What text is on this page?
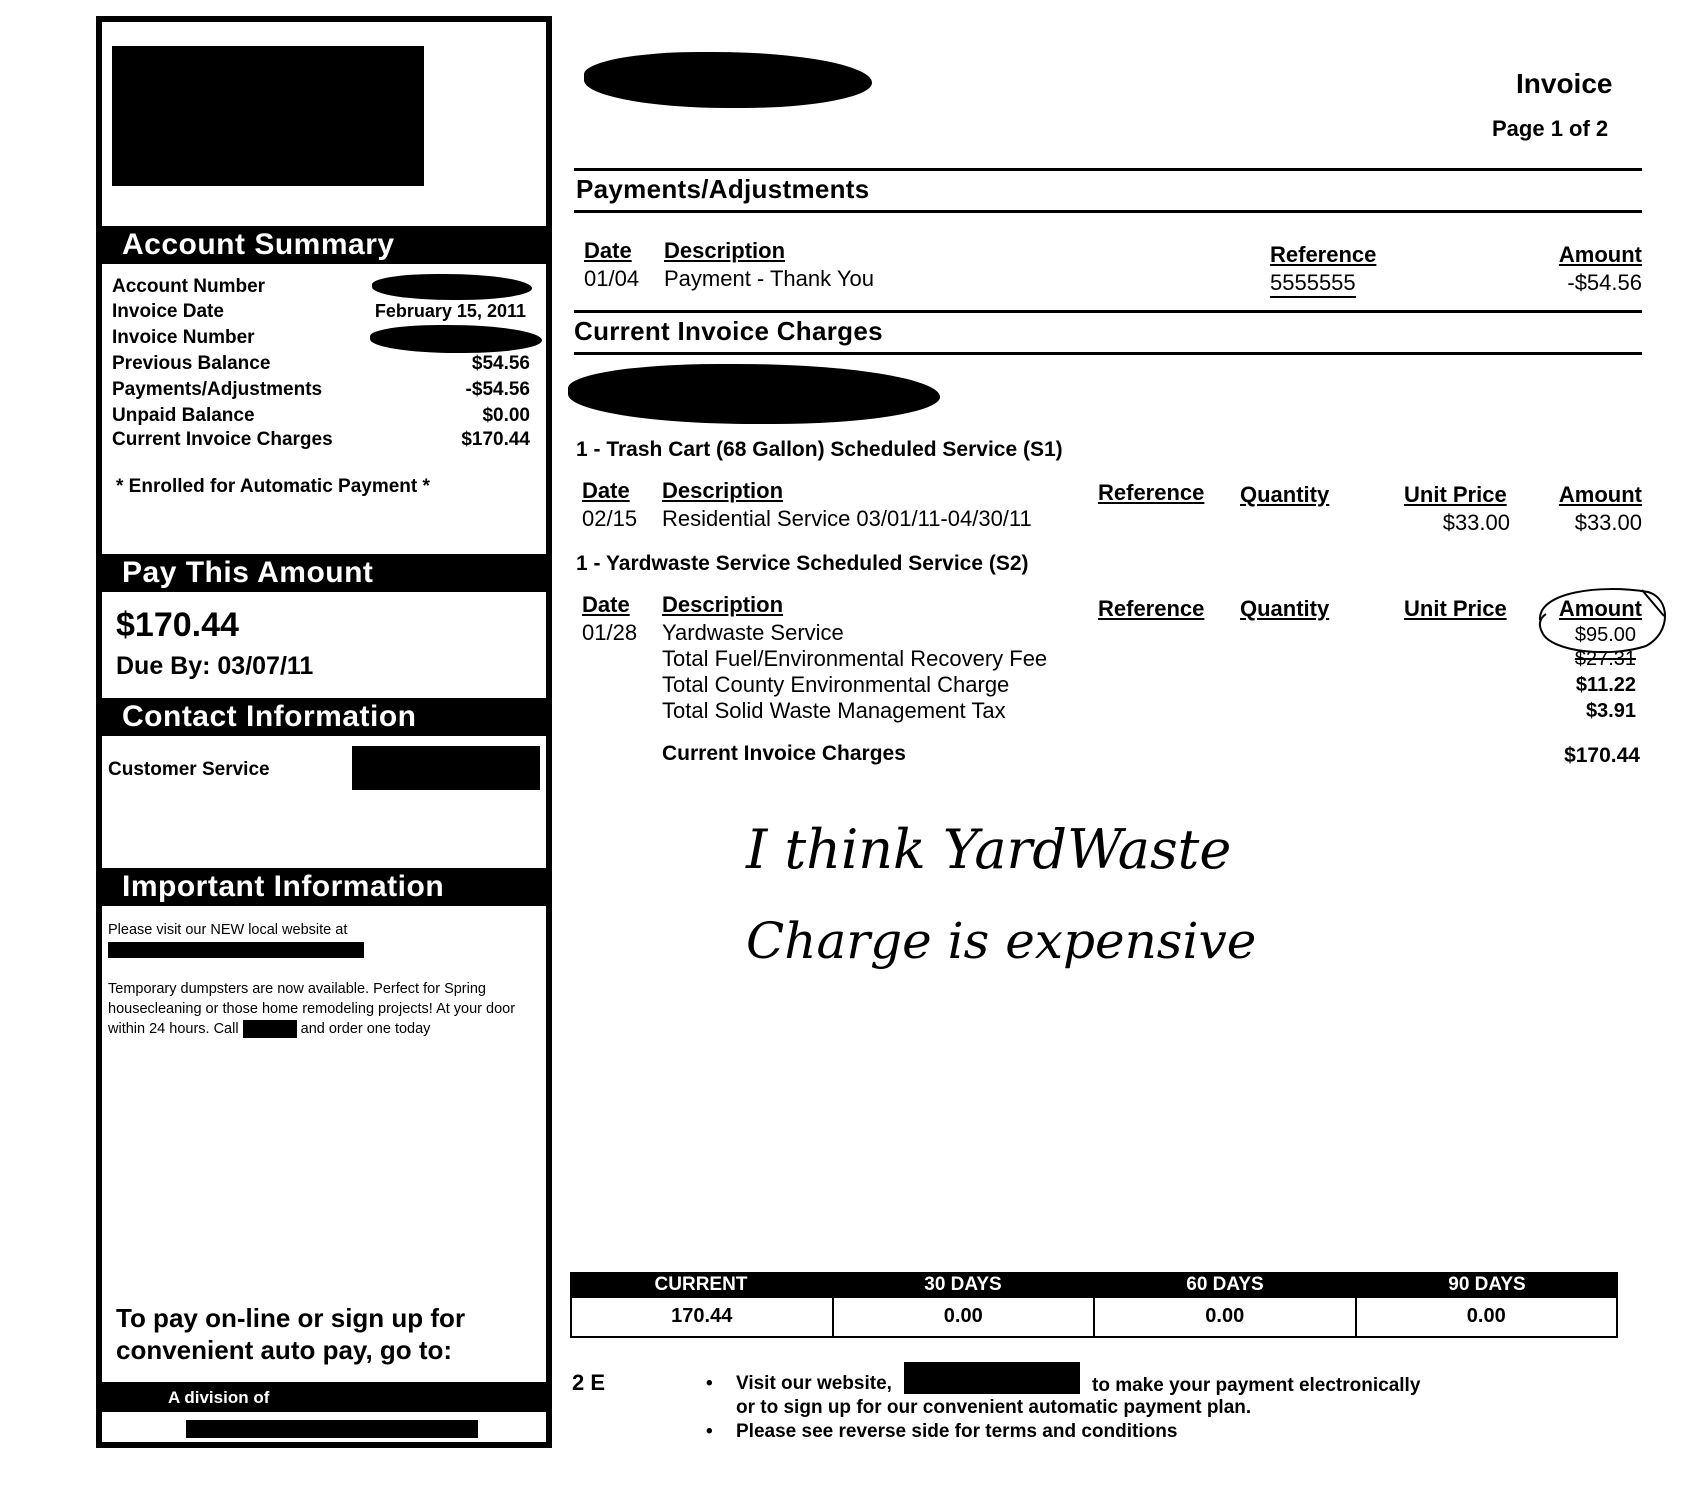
Account Summary
Account Number
Invoice Date	February 15, 2011
Invoice Number
Previous Balance	$54.56
Payments/Adjustments	-$54.56
Unpaid Balance	$0.00
Current Invoice Charges	$170.44
* Enrolled for Automatic Payment *
Pay This Amount
$170.44
Due By: 03/07/11
Contact Information
Customer Service
Important Information
Please visit our NEW local website at
Temporary dumpsters are now available. Perfect for Spring housecleaning or those home remodeling projects! At your door within 24 hours. Call	and order one today
To pay on-line or sign up for convenient auto pay, go to:
A division of
Invoice
Page 1 of 2
Payments/Adjustments
Date Description	Reference	Amount
01/04 Payment - Thank You	5555555	-$54.56
Current Invoice Charges
1 - Trash Cart (68 Gallon) Scheduled Service (S1)
Date Description	Reference Quantity	Unit Price Amount
02/15 Residential Service 03/01/11-04/30/11	$33.00	$33.00
1 - Yardwaste Service Scheduled Service (S2)
Date Description	Reference Quantity	Unit Price Amount
01/28 Yardwaste Service	$95.00
Total Fuel/Environmental Recovery Fee	$27.31
Total County Environmental Charge	$11.22
Total Solid Waste Management Tax	$3.91
Current Invoice Charges	$170.44
I think YardWaste
Charge is expensive
CURRENT	30 DAYS	60 DAYS	90 DAYS
170.44	0.00	0.00	0.00
2 E	• Visit our website,	to make your payment electronically
or to sign up for our convenient automatic payment plan.
• Please see reverse side for terms and conditions
